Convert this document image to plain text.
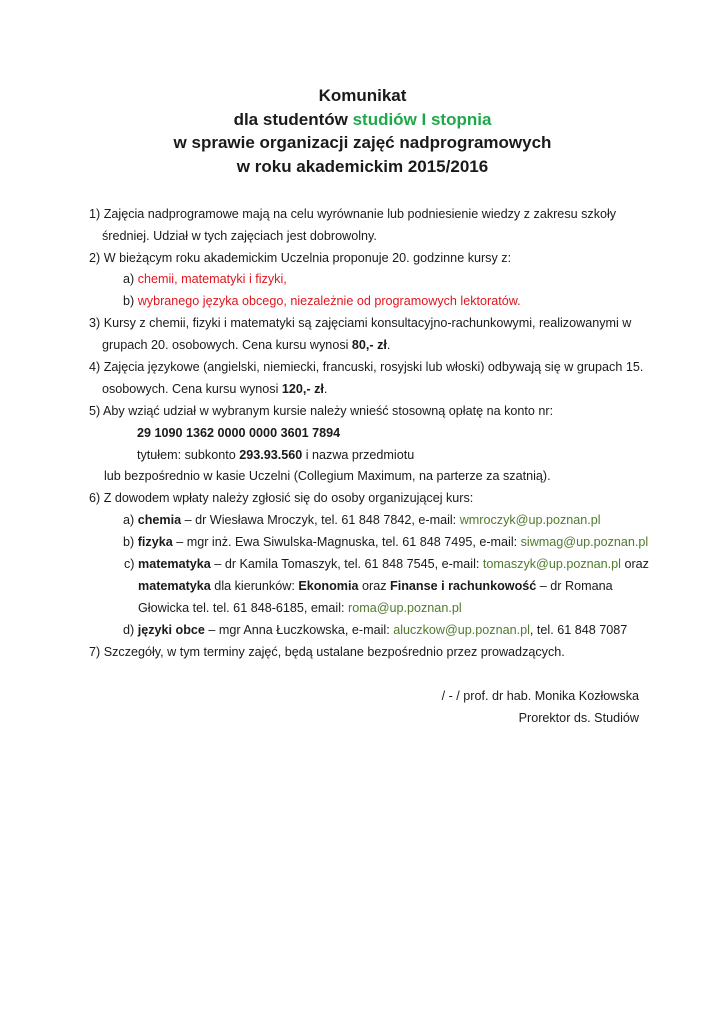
Komunikat
dla studentów studiów I stopnia
w sprawie organizacji zajęć nadprogramowych
w roku akademickim 2015/2016
1) Zajęcia nadprogramowe mają na celu wyrównanie lub podniesienie wiedzy z zakresu szkoły
średniej. Udział w tych zajęciach jest dobrowolny.
2) W bieżącym roku akademickim Uczelnia proponuje 20. godzinne kursy z:
a) chemii, matematyki i fizyki,
b) wybranego języka obcego, niezależnie od programowych lektoratów.
3) Kursy z chemii, fizyki i matematyki są zajęciami konsultacyjno-rachunkowymi, realizowanymi w
grupach 20. osobowych. Cena kursu wynosi 80,- zł.
4) Zajęcia językowe (angielski, niemiecki, francuski, rosyjski lub włoski) odbywają się w grupach 15.
osobowych. Cena kursu wynosi 120,- zł.
5) Aby wziąć udział w wybranym kursie należy wnieść stosowną opłatę na konto nr:
29 1090 1362 0000 0000 3601 7894
tytułem: subkonto 293.93.560 i nazwa przedmiotu
lub bezpośrednio w kasie Uczelni (Collegium Maximum, na parterze za szatnią).
6) Z dowodem wpłaty należy zgłosić się do osoby organizującej kurs:
a) chemia – dr Wiesława Mroczyk, tel. 61 848 7842, e-mail: wmroczyk@up.poznan.pl
b) fizyka – mgr inż. Ewa Siwulska-Magnuska, tel. 61 848 7495, e-mail: siwmag@up.poznan.pl
c) matematyka – dr Kamila Tomaszyk, tel. 61 848 7545, e-mail: tomaszyk@up.poznan.pl oraz
matematyka dla kierunków: Ekonomia oraz Finanse i rachunkowość – dr Romana
Głowicka tel. tel. 61 848-6185, email: roma@up.poznan.pl
d) języki obce – mgr Anna Łuczkowska, e-mail: aluczkow@up.poznan.pl, tel. 61 848 7087
7) Szczegóły, w tym terminy zajęć, będą ustalane bezpośrednio przez prowadzących.
/ - / prof. dr hab. Monika Kozłowska
Prorektor ds. Studiów
